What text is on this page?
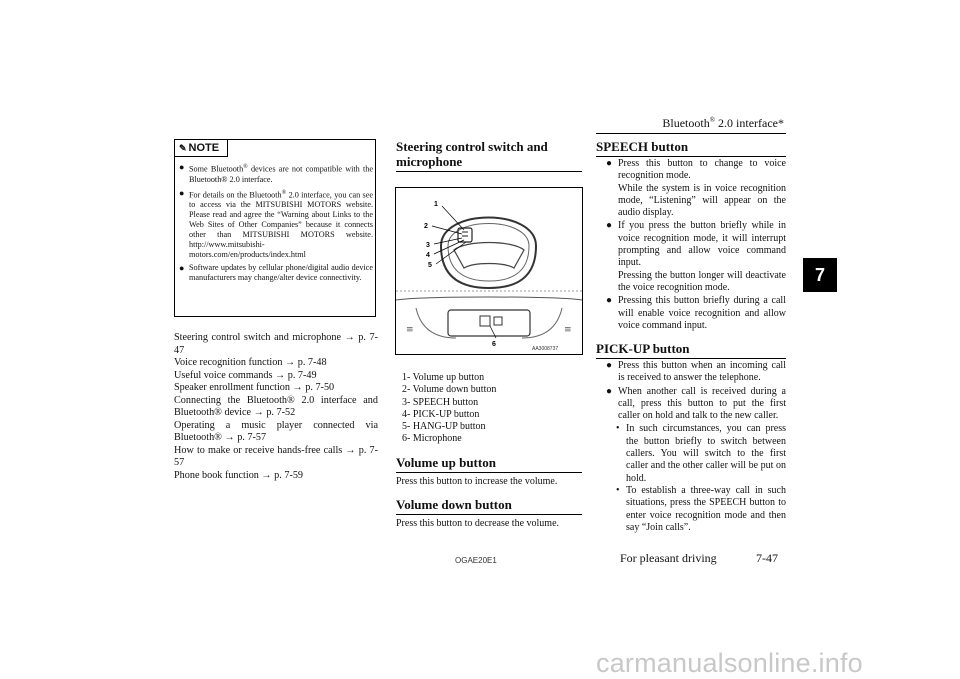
Bluetooth® 2.0 interface*
7
✎ NOTE
● Some Bluetooth® devices are not compatible with the Bluetooth® 2.0 interface.
● For details on the Bluetooth® 2.0 interface, you can see to access via the MITSUBISHI MOTORS website. Please read and agree the “Warning about Links to the Web Sites of Other Companies” because it connects other than MITSUBISHI MOTORS website. http://www.mitsubishi-motors.com/en/products/index.html
● Software updates by cellular phone/digital audio device manufacturers may change/alter device connectivity.

Steering control switch and microphone → p. 7-47

Voice recognition function → p. 7-48

Useful voice commands → p. 7-49

Speaker enrollment function → p. 7-50

Connecting the Bluetooth® 2.0 interface and Bluetooth® device → p. 7-52

Operating a music player connected via Bluetooth® → p. 7-57

How to make or receive hands-free calls → p. 7-57

Phone book function → p. 7-59

Steering control switch and microphone
≡	≡
1
2
3
4
5
6
AA3008737
1- Volume up button
2- Volume down button
3- SPEECH button
4- PICK-UP button
5- HANG-UP button
6- Microphone
Volume up button
Press this button to increase the volume.
Volume down button
Press this button to decrease the volume.
SPEECH button
● Press this button to change to voice recognition mode.
While the system is in voice recognition mode, “Listening” will appear on the audio display.
● If you press the button briefly while in voice recognition mode, it will interrupt prompting and allow voice command input.
Pressing the button longer will deactivate the voice recognition mode.
● Pressing this button briefly during a call will enable voice recognition and allow voice command input.
PICK-UP button
● Press this button when an incoming call is received to answer the telephone.
● When another call is received during a call, press this button to put the first caller on hold and talk to the new caller.
• In such circumstances, you can press the button briefly to switch between callers. You will switch to the first caller and the other caller will be put on hold.
• To establish a three-way call in such situations, press the SPEECH button to enter voice recognition mode and then say “Join calls”.
OGAE20E1	For pleasant driving	7-47
carmanualsonline.info
